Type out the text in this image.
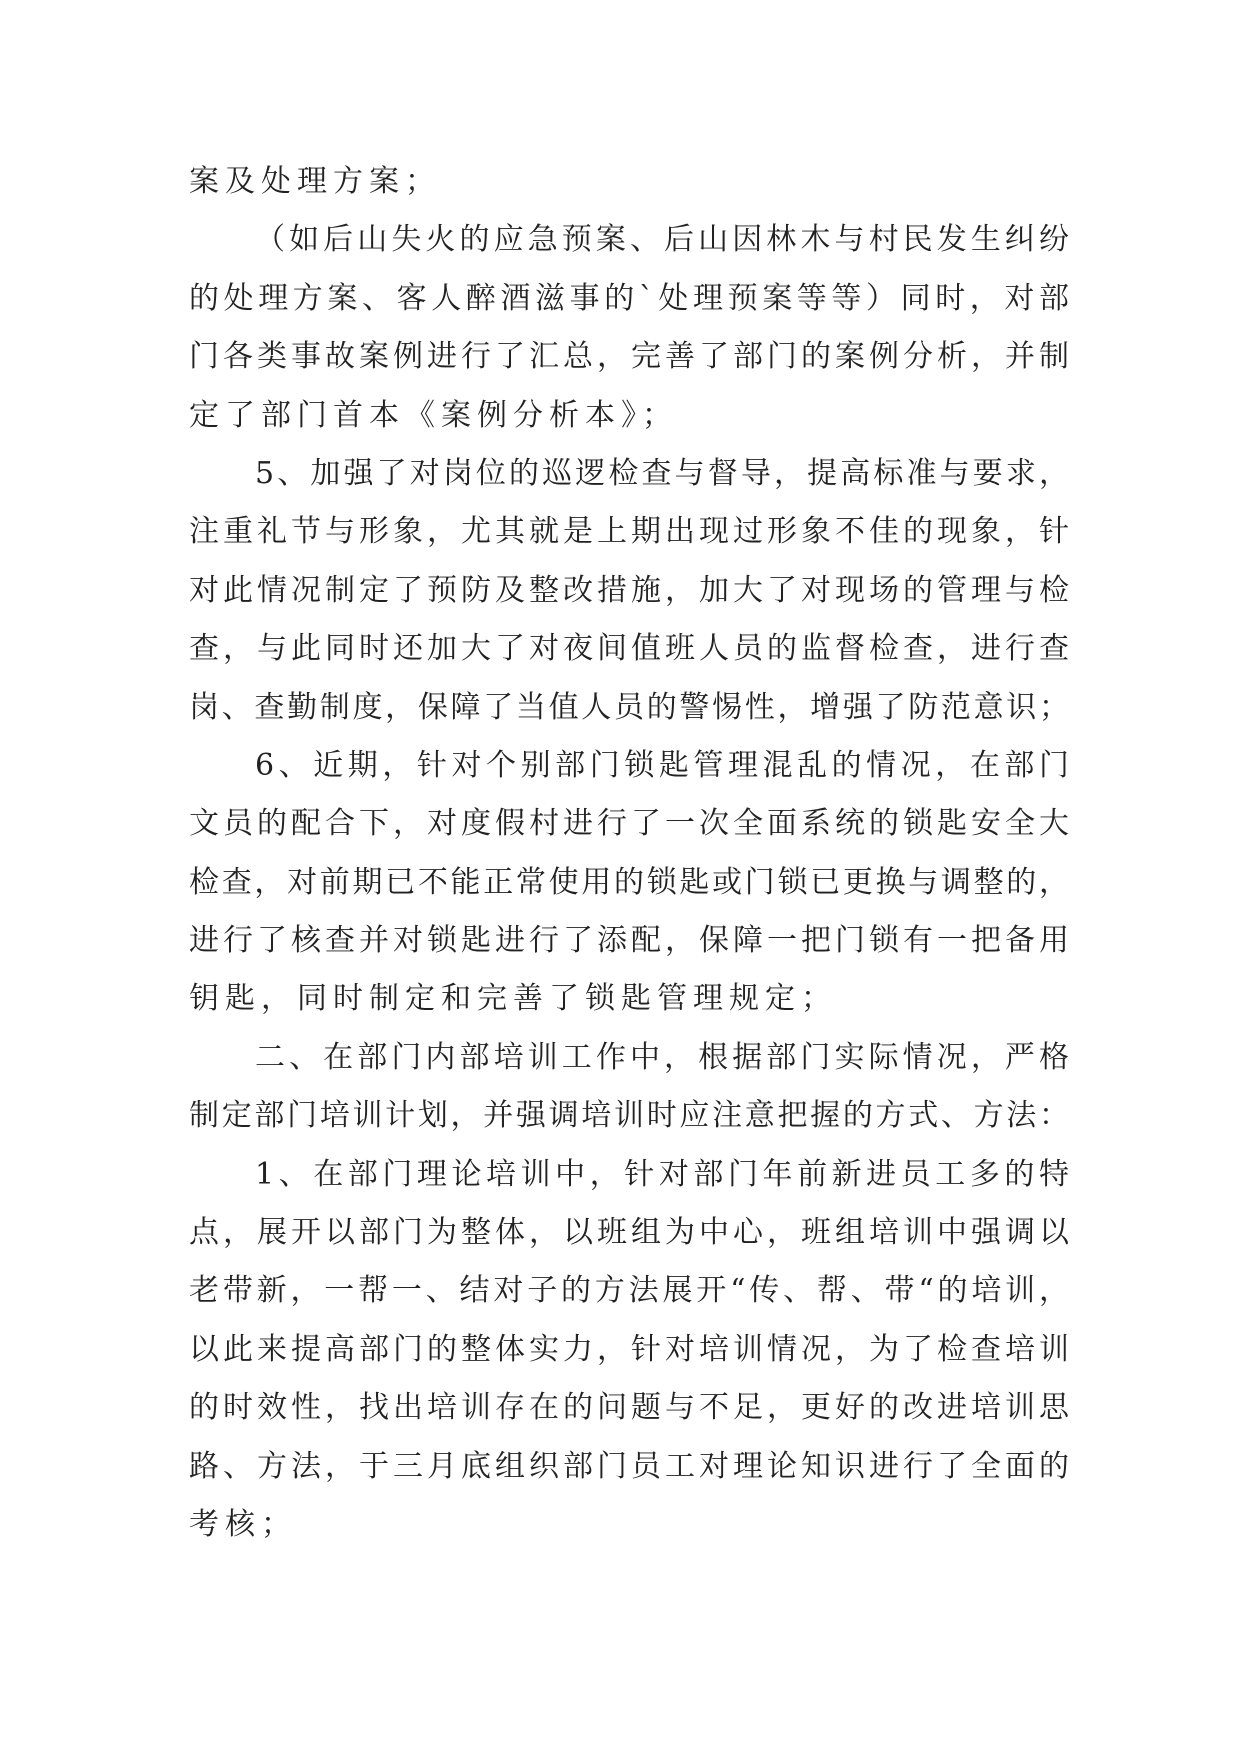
案及处理方案；
（如后山失火的应急预案、后山因林木与村民发生纠纷
的处理方案、客人醉酒滋事的`处理预案等等）同时，对部
门各类事故案例进行了汇总，完善了部门的案例分析，并制
定了部门首本《案例分析本》；
5、加强了对岗位的巡逻检查与督导，提高标准与要求，
注重礼节与形象，尤其就是上期出现过形象不佳的现象，针
对此情况制定了预防及整改措施，加大了对现场的管理与检
查，与此同时还加大了对夜间值班人员的监督检查，进行查
岗、查勤制度，保障了当值人员的警惕性，增强了防范意识；
6、近期，针对个别部门锁匙管理混乱的情况，在部门
文员的配合下，对度假村进行了一次全面系统的锁匙安全大
检查，对前期已不能正常使用的锁匙或门锁已更换与调整的，
进行了核查并对锁匙进行了添配，保障一把门锁有一把备用
钥匙，同时制定和完善了锁匙管理规定；
二、在部门内部培训工作中，根据部门实际情况，严格
制定部门培训计划，并强调培训时应注意把握的方式、方法：
1、在部门理论培训中，针对部门年前新进员工多的特
点，展开以部门为整体，以班组为中心，班组培训中强调以
老带新，一帮一、结对子的方法展开“传、帮、带“的培训，
以此来提高部门的整体实力，针对培训情况，为了检查培训
的时效性，找出培训存在的问题与不足，更好的改进培训思
路、方法，于三月底组织部门员工对理论知识进行了全面的
考核；
